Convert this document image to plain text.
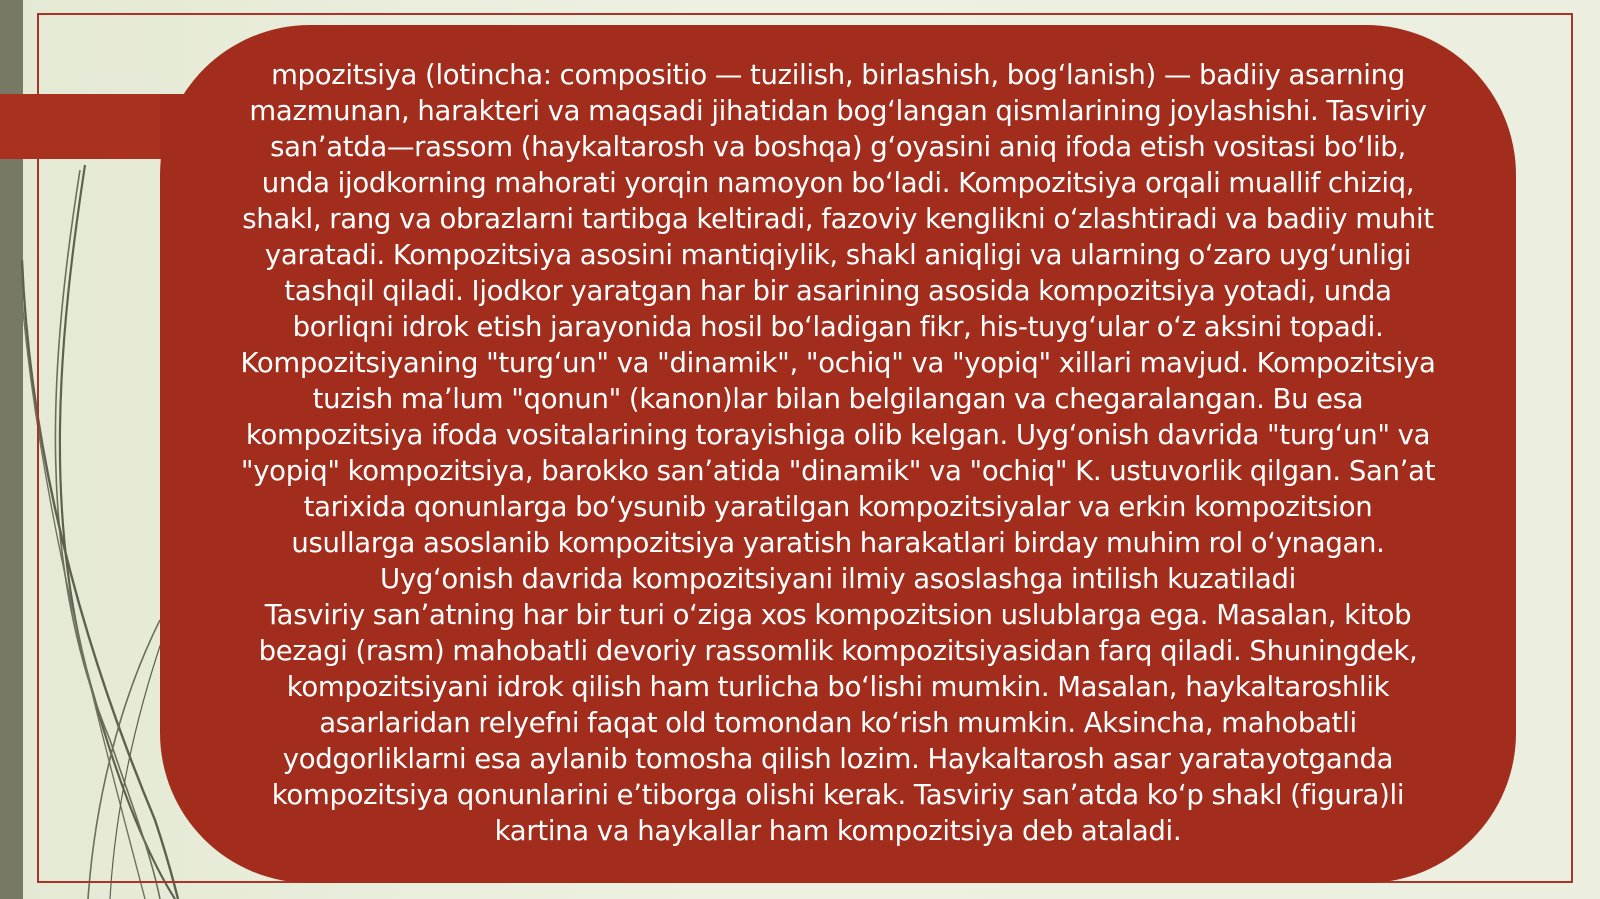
mpozitsiya (lotincha: compositio — tuzilish, birlashish, bogʻlanish) — badiiy asarning
mazmunan, harakteri va maqsadi jihatidan bogʻlangan qismlarining joylashishi. Tasviriy
sanʼatda—rassom (haykaltarosh va boshqa) gʻoyasini aniq ifoda etish vositasi boʻlib,
unda ijodkorning mahorati yorqin namoyon boʻladi. Kompozitsiya orqali muallif chiziq,
shakl, rang va obrazlarni tartibga keltiradi, fazoviy kenglikni oʻzlashtiradi va badiiy muhit
yaratadi. Kompozitsiya asosini mantiqiylik, shakl aniqligi va ularning oʻzaro uygʻunligi
tashqil qiladi. Ijodkor yaratgan har bir asarining asosida kompozitsiya yotadi, unda
borliqni idrok etish jarayonida hosil boʻladigan fikr, his-tuygʻular oʻz aksini topadi.
Kompozitsiyaning "turgʻun" va "dinamik", "ochiq" va "yopiq" xillari mavjud. Kompozitsiya
tuzish maʼlum "qonun" (kanon)lar bilan belgilangan va chegaralangan. Bu esa
kompozitsiya ifoda vositalarining torayishiga olib kelgan. Uygʻonish davrida "turgʻun" va
"yopiq" kompozitsiya, barokko sanʼatida "dinamik" va "ochiq" K. ustuvorlik qilgan. Sanʼat
tarixida qonunlarga boʻysunib yaratilgan kompozitsiyalar va erkin kompozitsion
usullarga asoslanib kompozitsiya yaratish harakatlari birday muhim rol oʻynagan.
Uygʻonish davrida kompozitsiyani ilmiy asoslashga intilish kuzatiladi
Tasviriy sanʼatning har bir turi oʻziga xos kompozitsion uslublarga ega. Masalan, kitob
bezagi (rasm) mahobatli devoriy rassomlik kompozitsiyasidan farq qiladi. Shuningdek,
kompozitsiyani idrok qilish ham turlicha boʻlishi mumkin. Masalan, haykaltaroshlik
asarlaridan relyefni faqat old tomondan koʻrish mumkin. Aksincha, mahobatli
yodgorliklarni esa aylanib tomosha qilish lozim. Haykaltarosh asar yaratayotganda
kompozitsiya qonunlarini eʼtiborga olishi kerak. Tasviriy sanʼatda koʻp shakl (figura)li
kartina va haykallar ham kompozitsiya deb ataladi.
